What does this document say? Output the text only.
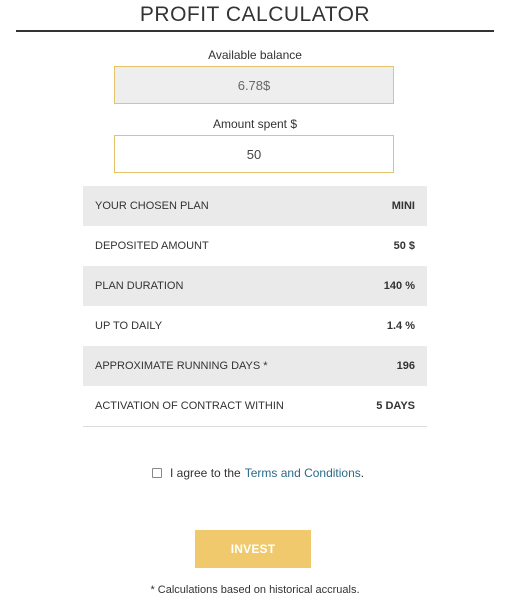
PROFIT CALCULATOR
Available balance
6.78$
Amount spent $
50
YOUR CHOSEN PLAN	MINI
DEPOSITED AMOUNT	50 $
PLAN DURATION	140 %
UP TO DAILY	1.4 %
APPROXIMATE RUNNING DAYS *	196
ACTIVATION OF CONTRACT WITHIN	5 DAYS
I agree to the Terms and Conditions .
INVEST
* Calculations based on historical accruals.
